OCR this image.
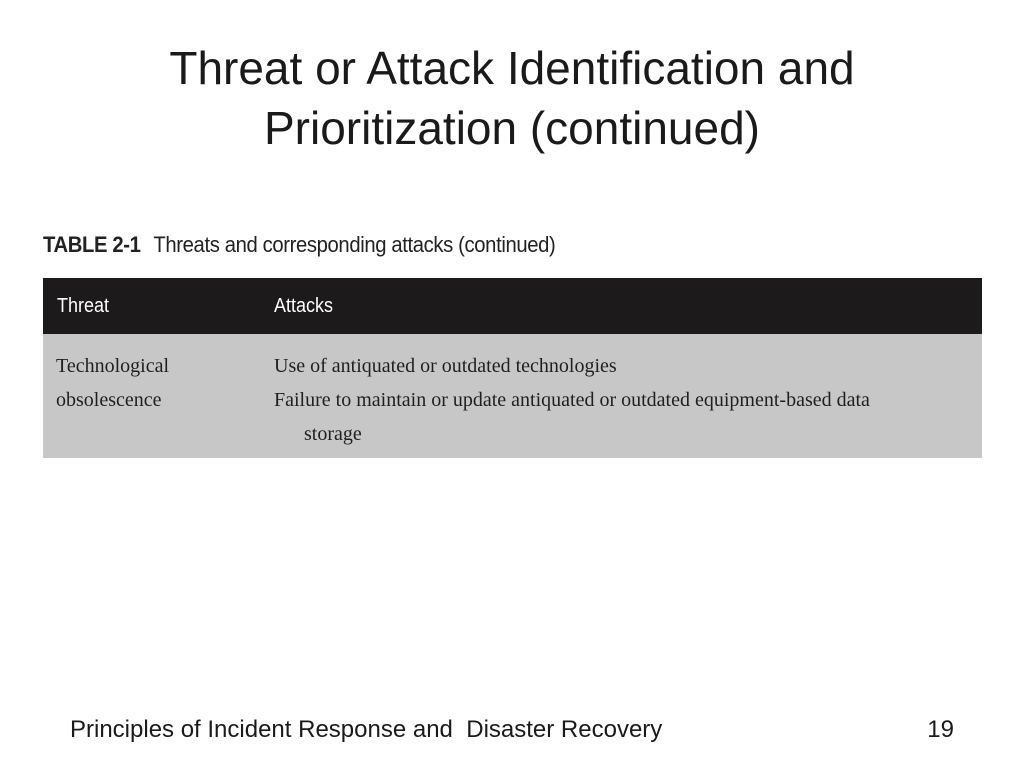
Threat or Attack Identification and
Prioritization (continued)
TABLE 2-1 Threats and corresponding attacks (continued)
Threat	Attacks
Technological
obsolescence
Use of antiquated or outdated technologies
Failure to maintain or update antiquated or outdated equipment-based data
storage
Principles of Incident Response and  Disaster Recovery	19
